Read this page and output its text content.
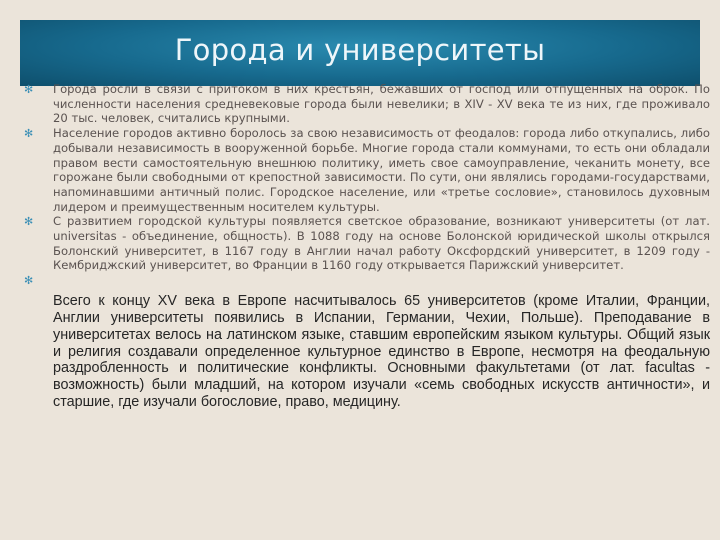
Города и университеты
✻ Города росли в связи с притоком в них крестьян, бежавших от господ или отпущенных на оброк. По численности населения средневековые города были невелики; в XIV - XV века те из них, где проживало 20 тыс. человек, считались крупными.

✻ Население городов активно боролось за свою независимость от феодалов: города либо откупались, либо добывали независимость в вооруженной борьбе. Многие города стали коммунами, то есть они обладали правом вести самостоятельную внешнюю политику, иметь свое самоуправление, чеканить монету, все горожане были свободными от крепостной зависимости. По сути, они являлись городами-государствами, напоминавшими античный полис. Городское население, или «третье сословие», становилось духовным лидером и преимущественным носителем культуры.

✻ С развитием городской культуры появляется светское образование, возникают университеты (от лат. universitas - объединение, общность). В 1088 году на основе Болонской юридической школы открылся Болонский университет, в 1167 году в Англии начал работу Оксфордский университет, в 1209 году - Кембриджский университет, во Франции в 1160 году открывается Парижский университет.

✻

Всего к концу XV века в Европе насчитывалось 65 университетов (кроме Италии, Франции, Англии университеты появились в Испании, Германии, Чехии, Польше). Преподавание в университетах велось на латинском языке, ставшим европейским языком культуры. Общий язык и религия создавали определенное культурное единство в Европе, несмотря на феодальную раздробленность и политические конфликты. Основными факультетами (от лат. facultas - возможность) были младший, на котором изучали «семь свободных искусств античности», и старшие, где изучали богословие, право, медицину.
